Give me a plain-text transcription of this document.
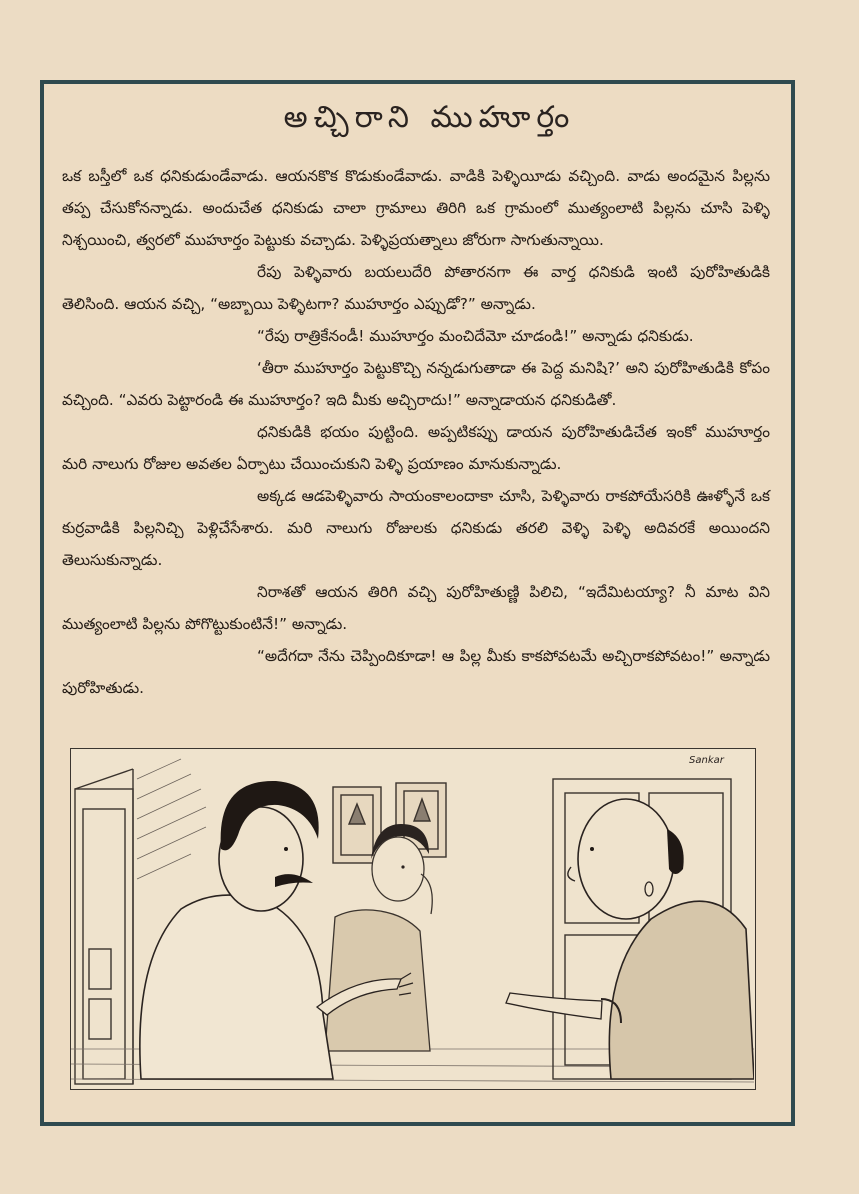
అచ్చిరాని ముహూర్తం

ఒక బస్తీలో ఒక ధనికుడుండేవాడు. ఆయనకొక కొడుకుండేవాడు. వాడికి పెళ్ళియీడు వచ్చింది. వాడు అందమైన పిల్లను తప్ప చేసుకోనన్నాడు. అందుచేత ధనికుడు చాలా గ్రామాలు తిరిగి ఒక గ్రామంలో ముత్యంలాటి పిల్లను చూసి పెళ్ళి నిశ్చయించి, త్వరలో ముహూర్తం పెట్టుకు వచ్చాడు. పెళ్ళిప్రయత్నాలు జోరుగా సాగుతున్నాయి.

రేపు పెళ్ళివారు బయలుదేరి పోతారనగా ఈ వార్త ధనికుడి ఇంటి పురోహితుడికి తెలిసింది. ఆయన వచ్చి, “అబ్బాయి పెళ్ళిటగా? ముహూర్తం ఎప్పుడో?” అన్నాడు.

“రేపు రాత్రికేనండీ! ముహూర్తం మంచిదేమో చూడండి!” అన్నాడు ధనికుడు.

‘తీరా ముహూర్తం పెట్టుకొచ్చి నన్నడుగుతాడా ఈ పెద్ద మనిషి?’ అని పురోహితుడికి కోపం వచ్చింది. “ఎవరు పెట్టారండి ఈ ముహూర్తం? ఇది మీకు అచ్చిరాదు!” అన్నాడాయన ధనికుడితో.

ధనికుడికి భయం పుట్టింది. అప్పటికప్పు డాయన పురోహితుడిచేత ఇంకో ముహూర్తం మరి నాలుగు రోజుల అవతల ఏర్పాటు చేయించుకుని పెళ్ళి ప్రయాణం మానుకున్నాడు.

అక్కడ ఆడపెళ్ళివారు సాయంకాలందాకా చూసి, పెళ్ళివారు రాకపోయేసరికి ఊళ్ళోనే ఒక కుర్రవాడికి పిల్లనిచ్చి పెళ్లిచేసేశారు. మరి నాలుగు రోజులకు ధనికుడు తరలి వెళ్ళి పెళ్ళి అదివరకే అయిందని తెలుసుకున్నాడు.

నిరాశతో ఆయన తిరిగి వచ్చి పురోహితుణ్ణి పిలిచి, “ఇదేమిటయ్యా? నీ మాట విని ముత్యంలాటి పిల్లను పోగొట్టుకుంటినే!” అన్నాడు.

“అదేగదా నేను చెప్పిందికూడా! ఆ పిల్ల మీకు కాకపోవటమే అచ్చిరాకపోవటం!” అన్నాడు పురోహితుడు.

Sankar
